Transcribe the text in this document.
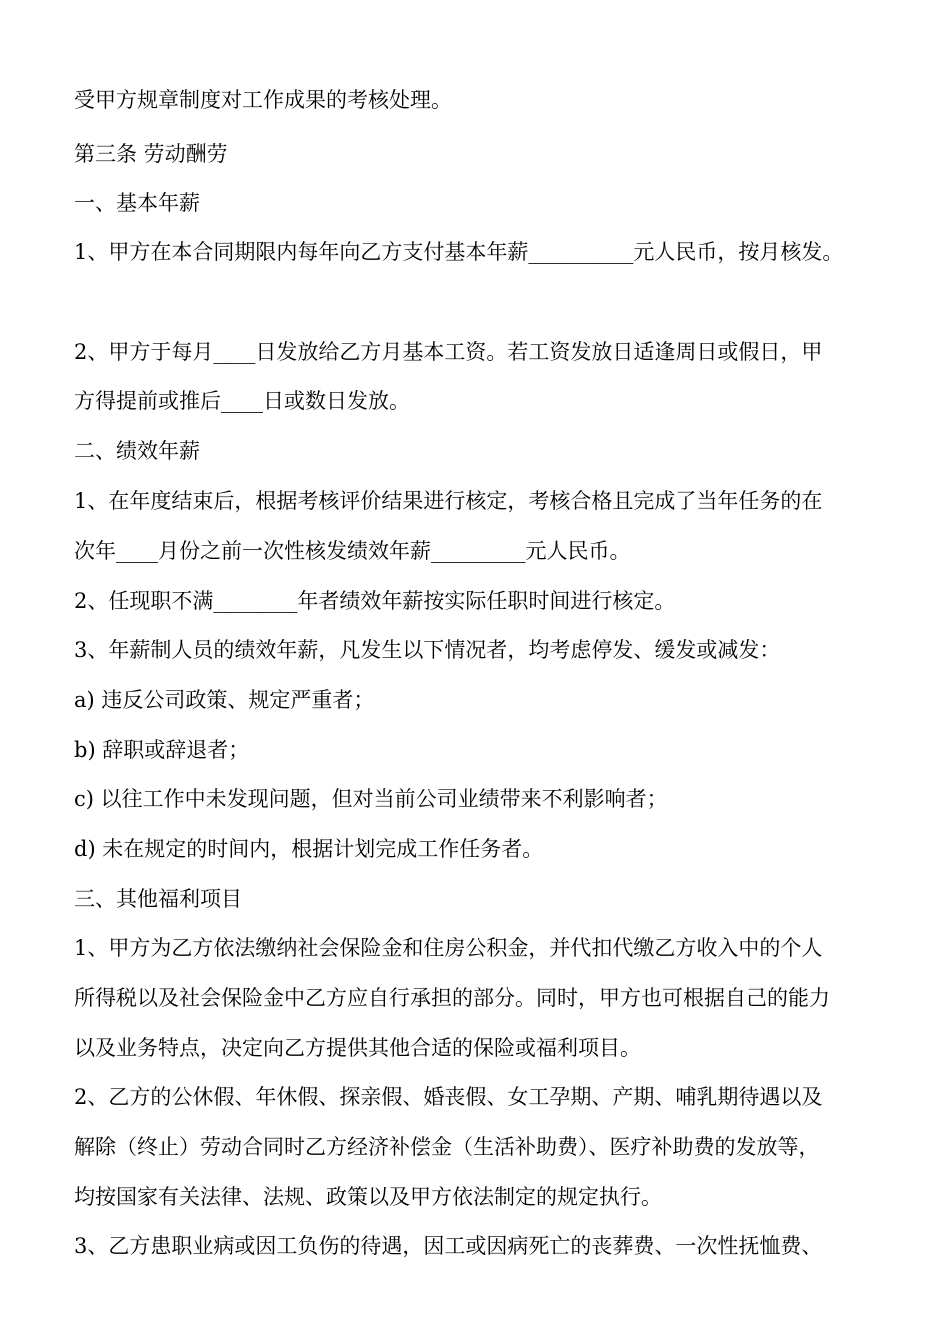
受甲方规章制度对工作成果的考核处理。

第三条 劳动酬劳

一、基本年薪

1、甲方在本合同期限内每年向乙方支付基本年薪__________元人民币，按月核发。

2、甲方于每月____日发放给乙方月基本工资。若工资发放日适逢周日或假日，甲

方得提前或推后____日或数日发放。

二、绩效年薪

1、在年度结束后，根据考核评价结果进行核定，考核合格且完成了当年任务的在

次年____月份之前一次性核发绩效年薪_________元人民币。

2、任现职不满________年者绩效年薪按实际任职时间进行核定。

3、年薪制人员的绩效年薪，凡发生以下情况者，均考虑停发、缓发或减发：

a) 违反公司政策、规定严重者；

b) 辞职或辞退者；

c) 以往工作中未发现问题，但对当前公司业绩带来不利影响者；

d) 未在规定的时间内，根据计划完成工作任务者。

三、其他福利项目

1、甲方为乙方依法缴纳社会保险金和住房公积金，并代扣代缴乙方收入中的个人

所得税以及社会保险金中乙方应自行承担的部分。同时，甲方也可根据自己的能力

以及业务特点，决定向乙方提供其他合适的保险或福利项目。

2、乙方的公休假、年休假、探亲假、婚丧假、女工孕期、产期、哺乳期待遇以及

解除（终止）劳动合同时乙方经济补偿金（生活补助费）、医疗补助费的发放等，

均按国家有关法律、法规、政策以及甲方依法制定的规定执行。

3、乙方患职业病或因工负伤的待遇，因工或因病死亡的丧葬费、一次性抚恤费、
